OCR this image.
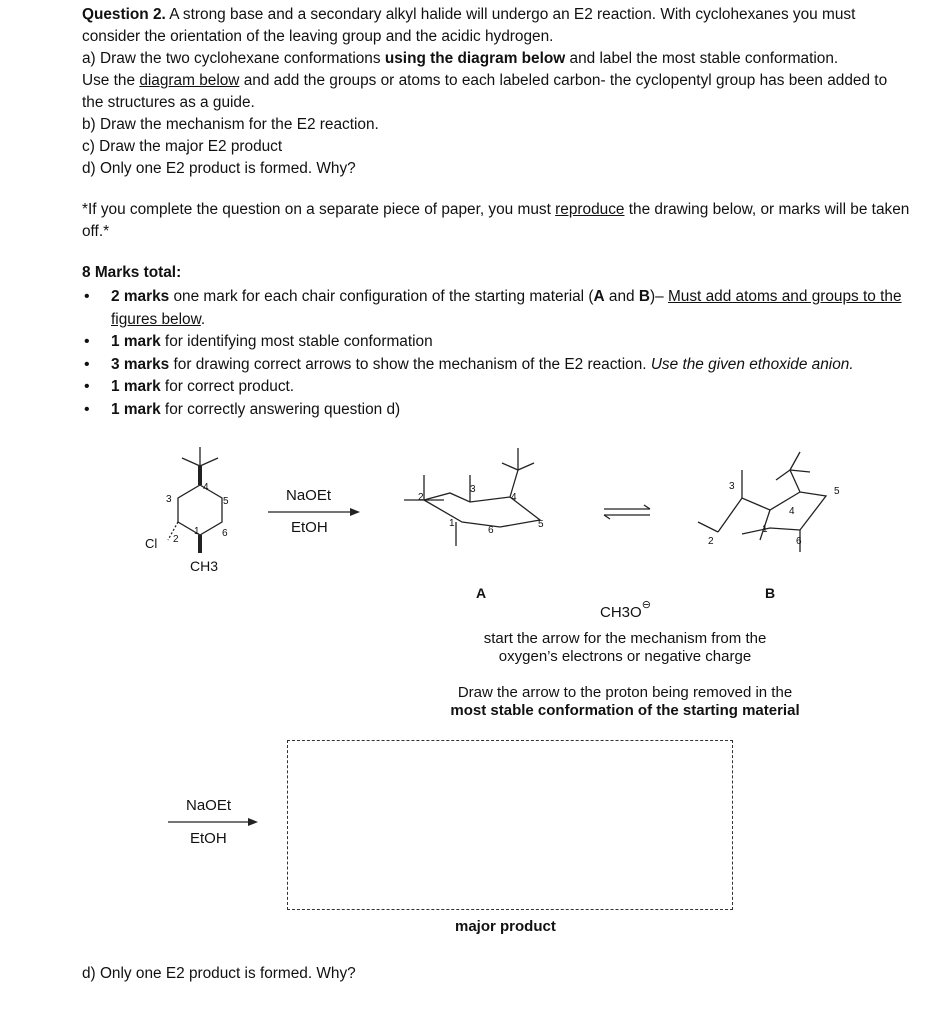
Question 2. A strong base and a secondary alkyl halide will undergo an E2 reaction. With cyclohexanes you must consider the orientation of the leaving group and the acidic hydrogen.

a) Draw the two cyclohexane conformations using the diagram below and label the most stable conformation.

Use the diagram below and add the groups or atoms to each labeled carbon- the cyclopentyl group has been added to the structures as a guide.

b) Draw the mechanism for the E2 reaction.

c) Draw the major E2 product

d) Only one E2 product is formed. Why?

*If you complete the question on a separate piece of paper, you must reproduce the drawing below, or marks will be taken off.*
8 Marks total:
• 2 marks one mark for each chair configuration of the starting material (A and B)– Must add atoms and groups to the figures below.
• 1 mark for identifying most stable conformation
• 3 marks for drawing correct arrows to show the mechanism of the E2 reaction. Use the given ethoxide anion.
• 1 mark for correct product.
• 1 mark for correctly answering question d)
NaOEt
EtOH
3
4
5
6
1
2
Cl
CH3
2
3
4
5
6
1
3
4
5
6
1
2
A	B
CH3O⊖
start the arrow for the mechanism from the
oxygen’s electrons or negative charge
Draw the arrow to the proton being removed in the
most stable conformation of the starting material
NaOEt
EtOH
major product
d) Only one E2 product is formed. Why?
